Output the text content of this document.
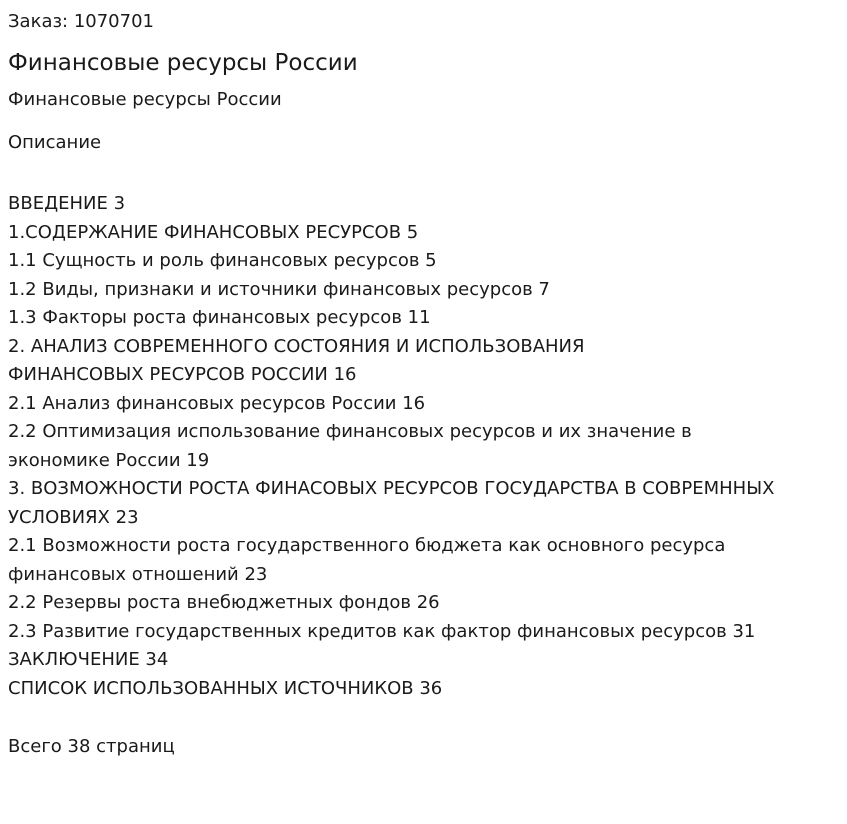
Заказ: 1070701
Финансовые ресурсы России
Финансовые ресурсы России
Описание
ВВЕДЕНИЕ 3
1.СОДЕРЖАНИЕ ФИНАНСОВЫХ РЕСУРСОВ 5
1.1 Сущность и роль финансовых ресурсов 5
1.2 Виды, признаки и источники финансовых ресурсов 7
1.3 Факторы роста финансовых ресурсов 11
2. АНАЛИЗ СОВРЕМЕННОГО СОСТОЯНИЯ И ИСПОЛЬЗОВАНИЯ
ФИНАНСОВЫХ РЕСУРСОВ РОССИИ 16
2.1 Анализ финансовых ресурсов России 16
2.2 Оптимизация использование финансовых ресурсов и их значение в
экономике России 19
3. ВОЗМОЖНОСТИ РОСТА ФИНАСОВЫХ РЕСУРСОВ ГОСУДАРСТВА В СОВРЕМННЫХ
УСЛОВИЯХ 23
2.1 Возможности роста государственного бюджета как основного ресурса
финансовых отношений 23
2.2 Резервы роста внебюджетных фондов 26
2.3 Развитие государственных кредитов как фактор финансовых ресурсов 31
ЗАКЛЮЧЕНИЕ 34
СПИСОК ИСПОЛЬЗОВАННЫХ ИСТОЧНИКОВ 36
Всего 38 страниц
